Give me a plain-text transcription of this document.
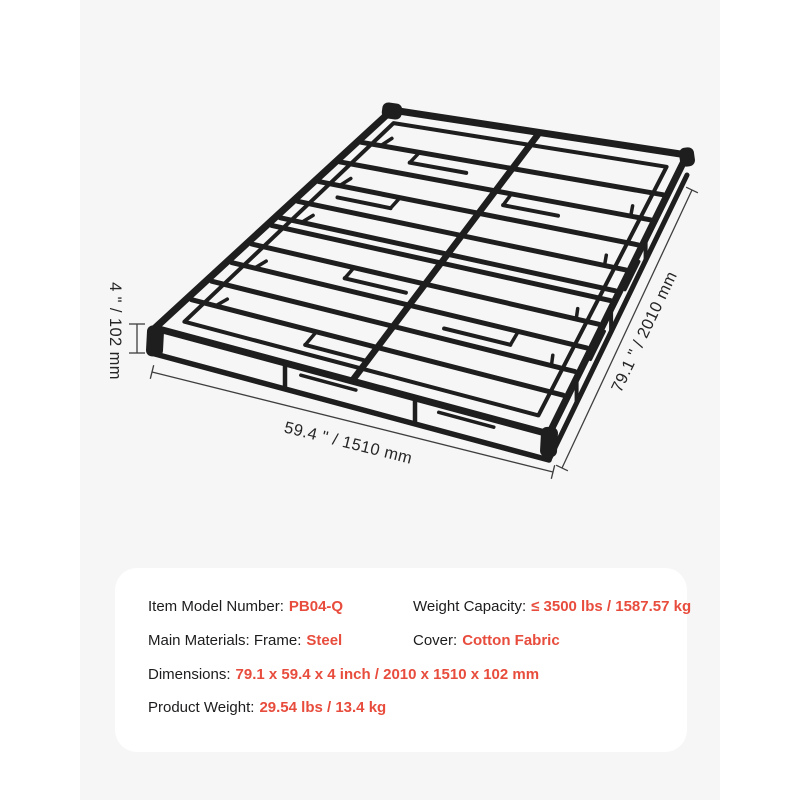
4 " / 102 mm
59.4 " / 1510 mm
79.1 " / 2010 mm
Item Model Number: PB04-Q	Weight Capacity: ≤ 3500 lbs / 1587.57 kg
Main Materials: Frame: Steel	Cover: Cotton Fabric
Dimensions: 79.1 x 59.4 x 4 inch / 2010 x 1510 x 102 mm
Product Weight: 29.54 lbs / 13.4 kg
